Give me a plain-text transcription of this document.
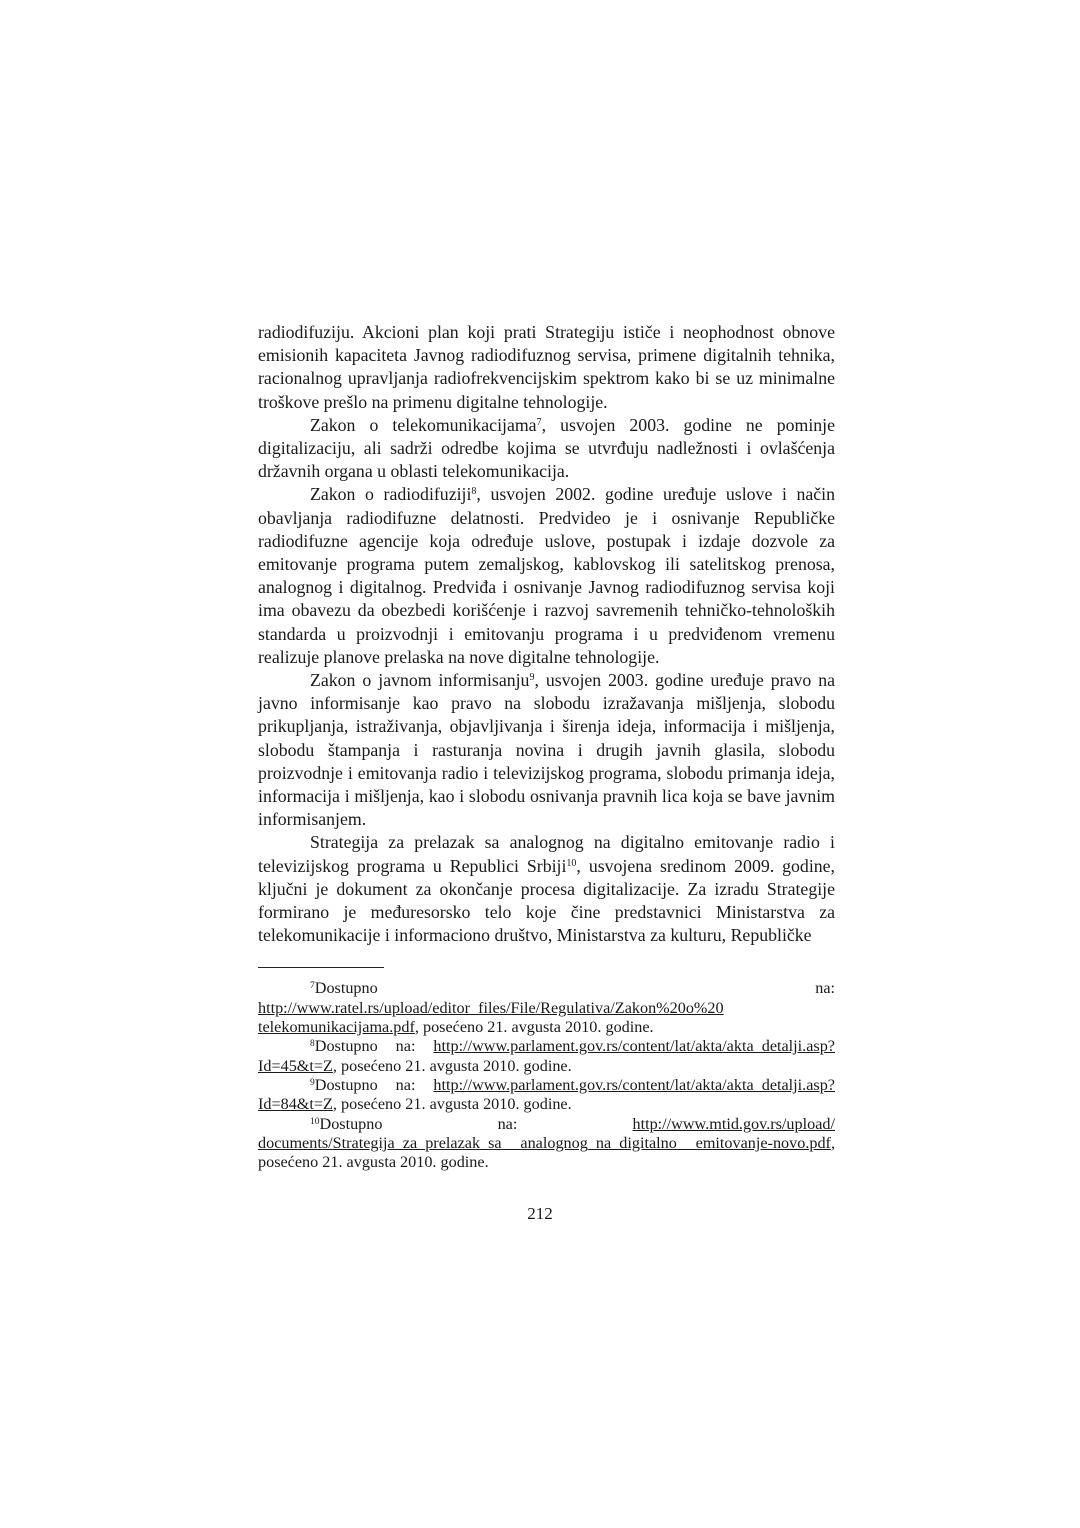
radiodifuziju. Akcioni plan koji prati Strategiju ističe i neophodnost obnove emisionih kapaciteta Javnog radiodifuznog servisa, primene digitalnih tehnika, racionalnog upravljanja radiofrekvencijskim spektrom kako bi se uz minimalne troškove prešlo na primenu digitalne tehnologije.

Zakon o telekomunikacijama$^7$, usvojen 2003. godine ne pominje digitalizaciju, ali sadrži odredbe kojima se utvrđuju nadležnosti i ovlašćenja državnih organa u oblasti telekomunikacija.

Zakon o radiodifuziji$^8$, usvojen 2002. godine uređuje uslove i način obavljanja radiodifuzne delatnosti. Predvideo je i osnivanje Republičke radiodifuzne agencije koja određuje uslove, postupak i izdaje dozvole za emitovanje programa putem zemaljskog, kablovskog ili satelitskog prenosa, analognog i digitalnog. Predviđa i osnivanje Javnog radiodifuznog servisa koji ima obavezu da obezbedi korišćenje i razvoj savremenih tehničko-tehnoloških standarda u proizvodnji i emitovanju programa i u predviđenom vremenu realizuje planove prelaska na nove digitalne tehnologije.

Zakon o javnom informisanju$^9$, usvojen 2003. godine uređuje pravo na javno informisanje kao pravo na slobodu izražavanja mišljenja, slobodu prikupljanja, istraživanja, objavljivanja i širenja ideja, informacija i mišljenja, slobodu štampanja i rasturanja novina i drugih javnih glasila, slobodu proizvodnje i emitovanja radio i televizijskog programa, slobodu primanja ideja, informacija i mišljenja, kao i slobodu osnivanja pravnih lica koja se bave javnim informisanjem.

Strategija za prelazak sa analognog na digitalno emitovanje radio i televizijskog programa u Republici Srbiji$^{10}$, usvojena sredinom 2009. godine, ključni je dokument za okončanje procesa digitalizacije. Za izradu Strategije formirano je međuresorsko telo koje čine predstavnici Ministarstva za telekomunikacije i informaciono društvo, Ministarstva za kulturu, Republičke

$^7$Dostupno na: http://www.ratel.rs/upload/editor_files/File/Regulativa/Zakon%20o%20 telekomunikacijama.pdf, posećeno 21. avgusta 2010. godine.

$^8$Dostupno na: http://www.parlament.gov.rs/content/lat/akta/akta_detalji.asp?Id=45&t=Z, posećeno 21. avgusta 2010. godine.

$^9$Dostupno na: http://www.parlament.gov.rs/content/lat/akta/akta_detalji.asp?Id=84&t=Z, posećeno 21. avgusta 2010. godine.

$^{10}$Dostupno na: http://www.mtid.gov.rs/upload/ documents/Strategija_za_prelazak_sa_ analognog_na_digitalno_ emitovanje-novo.pdf, posećeno 21. avgusta 2010. godine.

212
